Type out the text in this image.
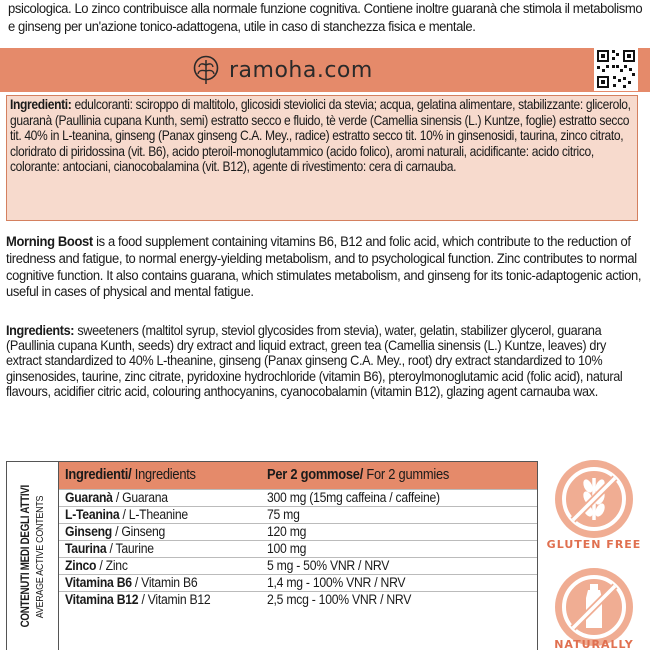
psicologica. Lo zinco contribuisce alla normale funzione cognitiva. Contiene inoltre guaranà che stimola il metabolismo e ginseng per un'azione tonico-adattogena, utile in caso di stanchezza fisica e mentale.
ramoha.com
Ingredienti: edulcoranti: sciroppo di maltitolo, glicosidi steviolici da stevia; acqua, gelatina alimentare, stabilizzante: glicerolo, guaranà (Paullinia cupana Kunth, semi) estratto secco e fluido, tè verde (Camellia sinensis (L.) Kuntze, foglie) estratto secco tit. 40% in L-teanina, ginseng (Panax ginseng C.A. Mey., radice) estratto secco tit. 10% in ginsenosidi, taurina, zinco citrato, cloridrato di piridossina (vit. B6), acido pteroil-monoglutammico (acido folico), aromi naturali, acidificante: acido citrico, colorante: antociani, cianocobalamina (vit. B12), agente di rivestimento: cera di carnauba.
Morning Boost is a food supplement containing vitamins B6, B12 and folic acid, which contribute to the reduction of tiredness and fatigue, to normal energy-yielding metabolism, and to psychological function. Zinc contributes to normal cognitive function. It also contains guarana, which stimulates metabolism, and ginseng for its tonic-adaptogenic action, useful in cases of physical and mental fatigue.
Ingredients: sweeteners (maltitol syrup, steviol glycosides from stevia), water, gelatin, stabilizer glycerol, guarana (Paullinia cupana Kunth, seeds) dry extract and liquid extract, green tea (Camellia sinensis (L.) Kuntze, leaves) dry extract standardized to 40% L-theanine, ginseng (Panax ginseng C.A. Mey., root) dry extract standardized to 10% ginsenosides, taurine, zinc citrate, pyridoxine hydrochloride (vitamin B6), pteroylmonoglutamic acid (folic acid), natural flavours, acidifier citric acid, colouring anthocyanins, cyanocobalamin (vitamin B12), glazing agent carnauba wax.
CONTENUTI MEDI DEGLI ATTIVI AVERAGE ACTIVE CONTENTS
Ingredienti/ Ingredients	Per 2 gommose/ For 2 gummies
Guaranà / Guarana	300 mg (15mg caffeina / caffeine)
L-Teanina / L-Theanine	75 mg
Ginseng / Ginseng	120 mg
Taurina / Taurine	100 mg
Zinco / Zinc	5 mg - 50% VNR / NRV
Vitamina B6 / Vitamin B6	1,4 mg - 100% VNR / NRV
Vitamina B12 / Vitamin B12	2,5 mcg - 100% VNR / NRV
GLUTEN FREE
NATURALLY
